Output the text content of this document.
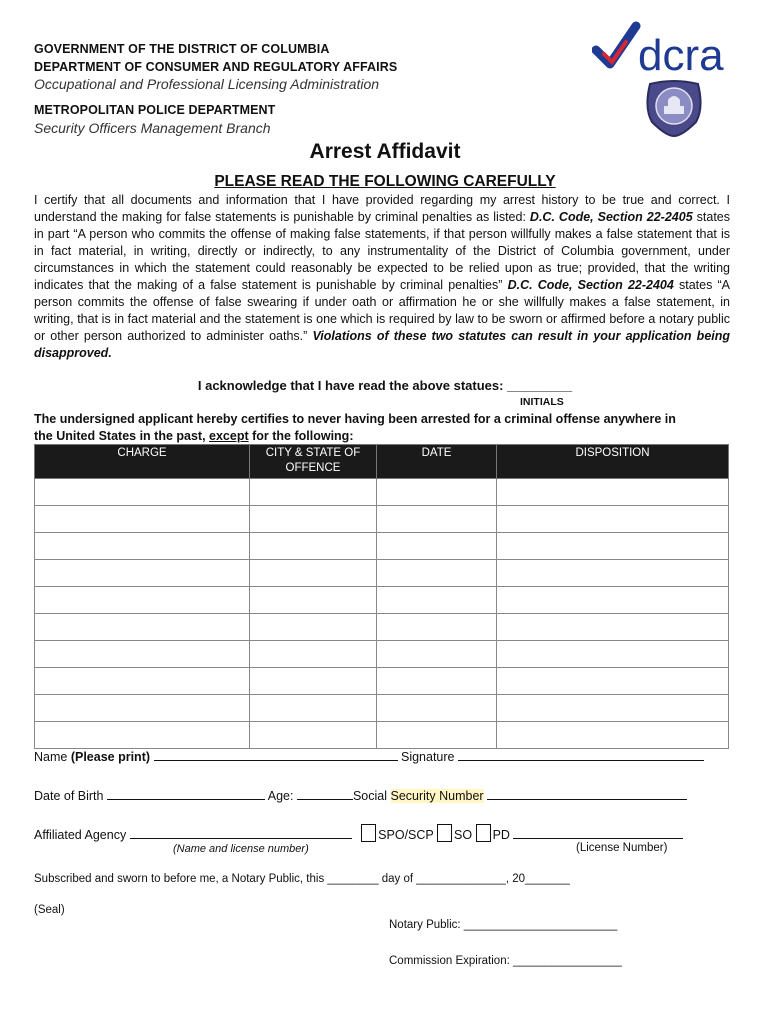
GOVERNMENT OF THE DISTRICT OF COLUMBIA
DEPARTMENT OF CONSUMER AND REGULATORY AFFAIRS
Occupational and Professional Licensing Administration
METROPOLITAN POLICE DEPARTMENT
Security Officers Management Branch
dcra
Arrest Affidavit
PLEASE READ THE FOLLOWING CAREFULLY
I certify that all documents and information that I have provided regarding my arrest history to be true and correct. I understand the making for false statements is punishable by criminal penalties as listed: D.C. Code, Section 22-2405 states in part “A person who commits the offense of making false statements, if that person willfully makes a false statement that is in fact material, in writing, directly or indirectly, to any instrumentality of the District of Columbia government, under circumstances in which the statement could reasonably be expected to be relied upon as true; provided, that the writing indicates that the making of a false statement is punishable by criminal penalties” D.C. Code, Section 22-2404 states “A person commits the offense of false swearing if under oath or affirmation he or she willfully makes a false statement, in writing, that is in fact material and the statement is one which is required by law to be sworn or affirmed before a notary public or other person authorized to administer oaths.” Violations of these two statutes can result in your application being disapproved.
I acknowledge that I have read the above statues: _________
INITIALS
The undersigned applicant hereby certifies to never having been arrested for a criminal offense anywhere in the United States in the past, except for the following:
CHARGE	CITY & STATE OF OFFENCE	DATE	DISPOSITION

Name (Please print)	Signature
Date of Birth	Age:	Social Security Number
Affiliated Agency	SPO/SCP SO PD
(Name and license number)	(License Number)
Subscribed and sworn to before me, a Notary Public, this ________ day of ______________, 20_______
(Seal)
Notary Public: ________________________
Commission Expiration: _________________
